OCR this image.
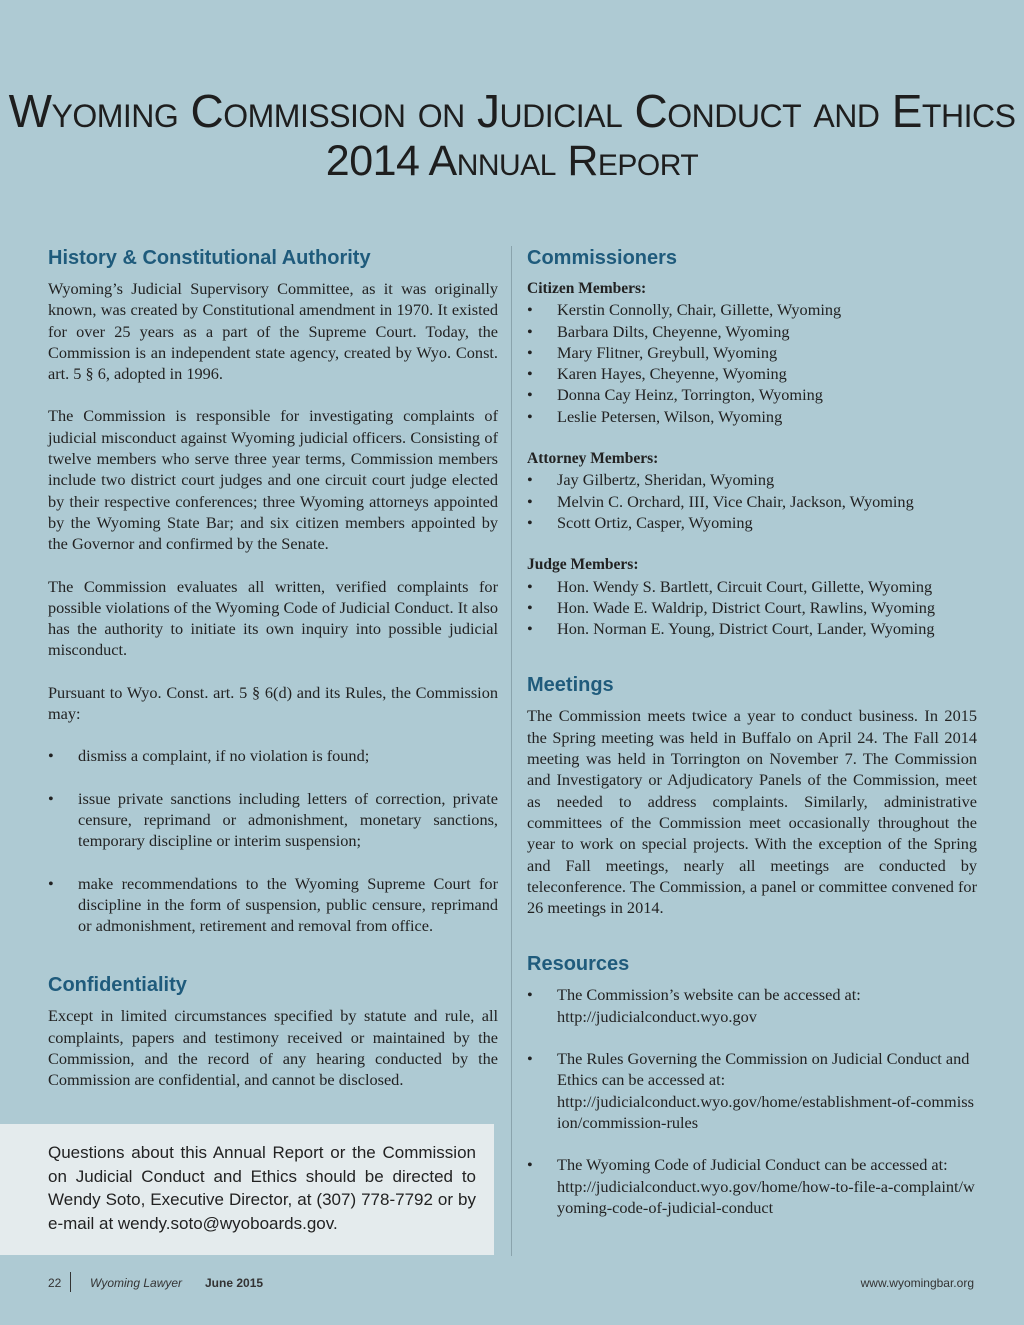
Wyoming Commission on Judicial Conduct and Ethics
2014 Annual Report
History & Constitutional Authority

Wyoming’s Judicial Supervisory Committee, as it was originally known, was created by Constitutional amendment in 1970. It existed for over 25 years as a part of the Supreme Court. Today, the Commission is an independent state agency, created by Wyo. Const. art. 5 § 6, adopted in 1996.

The Commission is responsible for investigating complaints of judicial misconduct against Wyoming judicial officers. Consisting of twelve members who serve three year terms, Commission members include two district court judges and one circuit court judge elected by their respective conferences; three Wyoming attorneys appointed by the Wyoming State Bar; and six citizen members appointed by the Governor and confirmed by the Senate.

The Commission evaluates all written, verified complaints for possible violations of the Wyoming Code of Judicial Conduct. It also has the authority to initiate its own inquiry into possible judicial misconduct.

Pursuant to Wyo. Const. art. 5 § 6(d) and its Rules, the Commission may:

• dismiss a complaint, if no violation is found;
• issue private sanctions including letters of correction, private censure, reprimand or admonishment, monetary sanctions, temporary discipline or interim suspension;
• make recommendations to the Wyoming Supreme Court for discipline in the form of suspension, public censure, reprimand or admonishment, retirement and removal from office.
Confidentiality

Except in limited circumstances specified by statute and rule, all complaints, papers and testimony received or maintained by the Commission, and the record of any hearing conducted by the Commission are confidential, and cannot be disclosed.

Questions about this Annual Report or the Commission on Judicial Conduct and Ethics should be directed to Wendy Soto, Executive Director, at (307) 778-7792 or by e-mail at wendy.soto@wyoboards.gov.
Commissioners
Citizen Members:
• Kerstin Connolly, Chair, Gillette, Wyoming
• Barbara Dilts, Cheyenne, Wyoming
• Mary Flitner, Greybull, Wyoming
• Karen Hayes, Cheyenne, Wyoming
• Donna Cay Heinz, Torrington, Wyoming
• Leslie Petersen, Wilson, Wyoming
Attorney Members:
• Jay Gilbertz, Sheridan, Wyoming
• Melvin C. Orchard, III, Vice Chair, Jackson, Wyoming
• Scott Ortiz, Casper, Wyoming
Judge Members:
• Hon. Wendy S. Bartlett, Circuit Court, Gillette, Wyoming
• Hon. Wade E. Waldrip, District Court, Rawlins, Wyoming
• Hon. Norman E. Young, District Court, Lander, Wyoming
Meetings

The Commission meets twice a year to conduct business. In 2015 the Spring meeting was held in Buffalo on April 24. The Fall 2014 meeting was held in Torrington on November 7. The Commission and Investigatory or Adjudicatory Panels of the Commission, meet as needed to address complaints. Similarly, administrative committees of the Commission meet occasionally throughout the year to work on special projects. With the exception of the Spring and Fall meetings, nearly all meetings are conducted by teleconference. The Commission, a panel or committee convened for 26 meetings in 2014.

Resources
• The Commission’s website can be accessed at:
http://judicialconduct.wyo.gov
• The Rules Governing the Commission on Judicial Conduct and Ethics can be accessed at:
http://judicialconduct.wyo.gov/home/establishment-of-commission/commission-rules
• The Wyoming Code of Judicial Conduct can be accessed at:
http://judicialconduct.wyo.gov/home/how-to-file-a-complaint/wyoming-code-of-judicial-conduct
22 Wyoming Lawyer June 2015	www.wyomingbar.org
